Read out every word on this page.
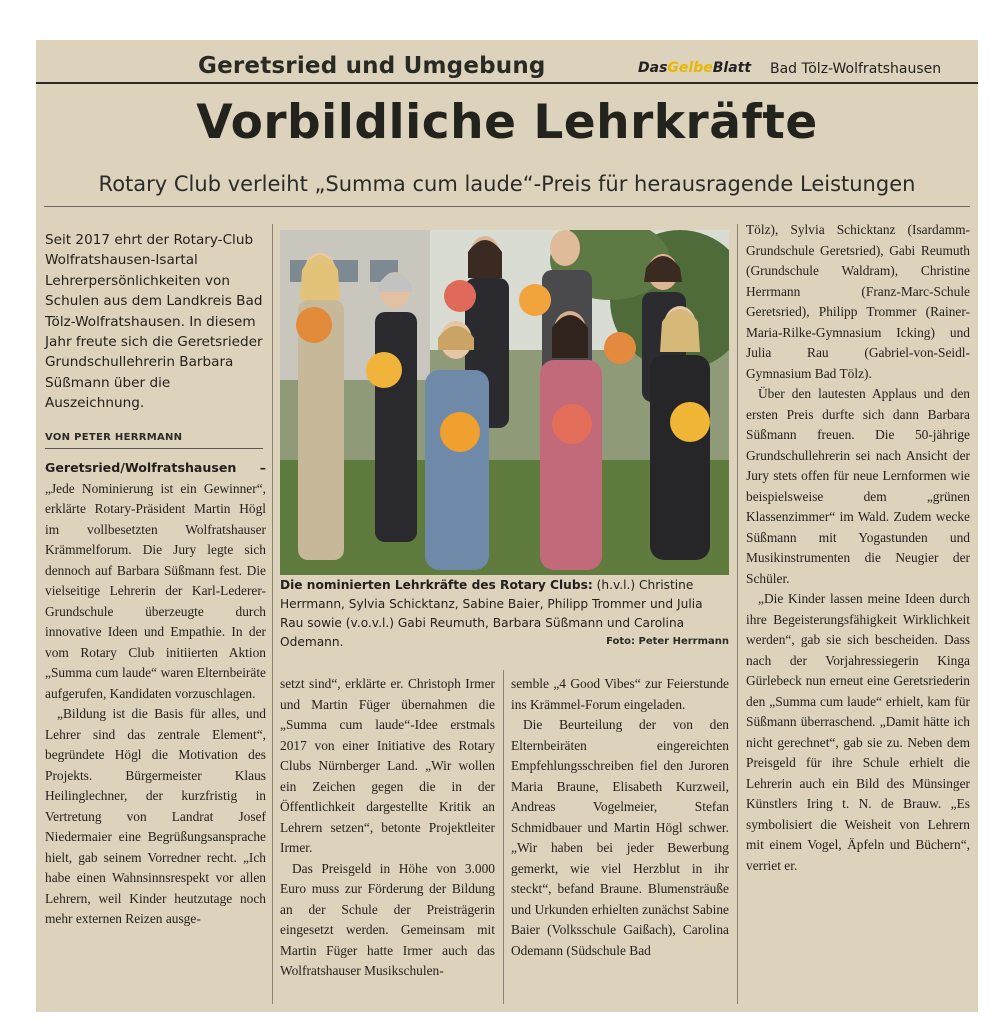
Geretsried und Umgebung	DasGelbeBlatt Bad Tölz-Wolfratshausen
Vorbildliche Lehrkräfte
Rotary Club verleiht „Summa cum laude“-Preis für herausragende Leistungen
Seit 2017 ehrt der Rotary-Club Wolfratshausen-Isartal Lehrerpersönlichkeiten von Schulen aus dem Landkreis Bad Tölz-Wolfratshausen. In diesem Jahr freute sich die Geretsrieder Grundschullehrerin Barbara Süßmann über die Auszeichnung.
VON PETER HERRMANN

Geretsried/Wolfratshausen – „Jede Nominierung ist ein Gewinner“, erklärte Rotary-Präsident Martin Högl im vollbesetzten Wolfratshauser Krämmelforum. Die Jury legte sich dennoch auf Barbara Süßmann fest. Die vielseitige Lehrerin der Karl-Lederer-Grundschule überzeugte durch innovative Ideen und Empathie. In der vom Rotary Club initiierten Aktion „Summa cum laude“ waren Elternbeiräte aufgerufen, Kandidaten vorzuschlagen.

„Bildung ist die Basis für alles, und Lehrer sind das zentrale Element“, begründete Högl die Motivation des Projekts. Bürgermeister Klaus Heilinglechner, der kurzfristig in Vertretung von Landrat Josef Niedermaier eine Begrüßungsansprache hielt, gab seinem Vorredner recht. „Ich habe einen Wahnsinnsrespekt vor allen Lehrern, weil Kinder heutzutage noch mehr externen Reizen ausge-

Die nominierten Lehrkräfte des Rotary Clubs: (h.v.l.) Christine Herrmann, Sylvia Schicktanz, Sabine Baier, Philipp Trommer und Julia Rau sowie (v.o.v.l.) Gabi Reumuth, Barbara Süßmann und Carolina Odemann.	Foto: Peter Herrmann

setzt sind“, erklärte er. Christoph Irmer und Martin Füger übernahmen die „Summa cum laude“-Idee erstmals 2017 von einer Initiative des Rotary Clubs Nürnberger Land. „Wir wollen ein Zeichen gegen die in der Öffentlichkeit dargestellte Kritik an Lehrern setzen“, betonte Projektleiter Irmer.

Das Preisgeld in Höhe von 3.000 Euro muss zur Förderung der Bildung an der Schule der Preisträgerin eingesetzt werden. Gemeinsam mit Martin Füger hatte Irmer auch das Wolfratshauser Musikschulen-

semble „4 Good Vibes“ zur Feierstunde ins Krämmel-Forum eingeladen.

Die Beurteilung der von den Elternbeiräten eingereichten Empfehlungsschreiben fiel den Juroren Maria Braune, Elisabeth Kurzweil, Andreas Vogelmeier, Stefan Schmidbauer und Martin Högl schwer. „Wir haben bei jeder Bewerbung gemerkt, wie viel Herzblut in ihr steckt“, befand Braune. Blumensträuße und Urkunden erhielten zunächst Sabine Baier (Volksschule Gaißach), Carolina Odemann (Südschule Bad

Tölz), Sylvia Schicktanz (Isardamm-Grundschule Geretsried), Gabi Reumuth (Grundschule Waldram), Christine Herrmann (Franz-Marc-Schule Geretsried), Philipp Trommer (Rainer-Maria-Rilke-Gymnasium Icking) und Julia Rau (Gabriel-von-Seidl-Gymnasium Bad Tölz).

Über den lautesten Applaus und den ersten Preis durfte sich dann Barbara Süßmann freuen. Die 50-jährige Grundschullehrerin sei nach Ansicht der Jury stets offen für neue Lernformen wie beispielsweise dem „grünen Klassenzimmer“ im Wald. Zudem wecke Süßmann mit Yogastunden und Musikinstrumenten die Neugier der Schüler.

„Die Kinder lassen meine Ideen durch ihre Begeisterungsfähigkeit Wirklichkeit werden“, gab sie sich bescheiden. Dass nach der Vorjahressiegerin Kinga Gürlebeck nun erneut eine Geretsriederin den „Summa cum laude“ erhielt, kam für Süßmann überraschend. „Damit hätte ich nicht gerechnet“, gab sie zu. Neben dem Preisgeld für ihre Schule erhielt die Lehrerin auch ein Bild des Münsinger Künstlers Iring t. N. de Brauw. „Es symbolisiert die Weisheit von Lehrern mit einem Vogel, Äpfeln und Büchern“, verriet er.
